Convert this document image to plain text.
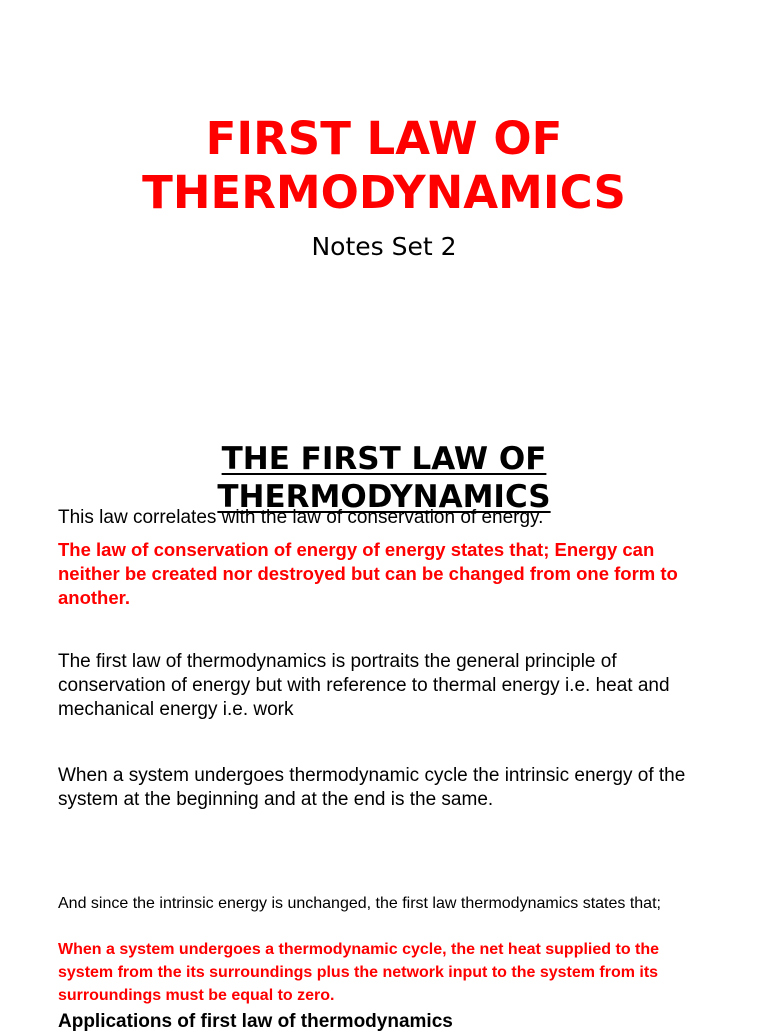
FIRST LAW OF
THERMODYNAMICS
Notes Set 2
THE FIRST LAW OF
THERMODYNAMICS

This law correlates with the law of conservation of energy.

The law of conservation of energy of energy states that; Energy can neither be created nor destroyed but can be changed from one form to another.

The first law of thermodynamics is portraits the general principle of conservation of energy but with reference to thermal energy i.e. heat and mechanical energy i.e. work

When a system undergoes thermodynamic cycle the intrinsic energy of the system at the beginning and at the end is the same.

And since the intrinsic energy is unchanged, the first law thermodynamics states that;

When a system undergoes a thermodynamic cycle, the net heat supplied to the system from the its surroundings plus the network input to the system from its surroundings must be equal to zero.

Applications of first law of thermodynamics
